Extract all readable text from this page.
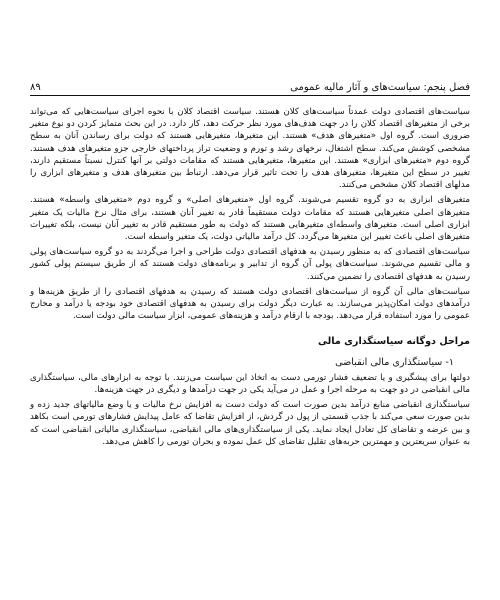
فصل پنجم: سیاست‌های و آثار مالیه عمومی
۸۹

سیاست‌های اقتصادی دولت عمدتاً سیاست‌های کلان هستند. سیاست اقتصاد کلان با نحوه اجرای سیاست‌هایی که می‌تواند برخی از متغیرهای اقتصاد کلان را در جهت هدف‌های مورد نظر حرکت دهد، کار دارد. در این بحث متمایز کردن دو نوع متغیر ضروری است. گروه اول «متغیرهای هدف» هستند. این متغیرها، متغیرهایی هستند که دولت برای رساندن آنان به سطح مشخصی کوشش می‌کند. سطح اشتغال، نرخهای رشد و تورم و وضعیت تراز پرداختهای خارجی جزو متغیرهای هدف هستند. گروه دوم «متغیرهای ابزاری» هستند. این متغیرها، متغیرهایی هستند که مقامات دولتی بر آنها کنترل نسبتاً مستقیم دارند، تغییر در سطح این متغیرها، متغیرهای هدف را تحت تاثیر قرار می‌دهد. ارتباط بین متغیرهای هدف و متغیرهای ابزاری را مدلهای اقتصاد کلان مشخص می‌کنند.

متغیرهای ابزاری به دو گروه تقسیم می‌شوند. گروه اول «متغیرهای اصلی» و گروه دوم «متغیرهای واسطه» هستند. متغیرهای اصلی متغیرهایی هستند که مقامات دولت مستقیماً قادر به تغییر آنان هستند، برای مثال نرخ مالیات یک متغیر ابزاری اصلی است. متغیرهای واسطه‌ای متغیرهایی هستند که دولت به طور مستقیم قادر به تغییر آنان نیست، بلکه تغییرات متغیرهای اصلی باعث تغییر این متغیرها می‌گردد. کل درآمد مالیاتی دولت، یک متغیر واسطه است.

سیاست‌های اقتصادی که به منظور رسیدن به هدفهای اقتصادی دولت طراحی و اجرا می‌گردند به دو گروه سیاست‌های پولی و مالی تقسیم می‌شوند. سیاست‌های پولی آن گروه از تدابیر و برنامه‌های دولت هستند که از طریق سیستم پولی کشور رسیدن به هدفهای اقتصادی را تضمین می‌کنند.

سیاست‌های مالی آن گروه از سیاست‌های اقتصادی دولت هستند که رسیدن به هدفهای اقتصادی را از طریق هزینه‌ها و درآمدهای دولت امکان‌پذیر می‌سازند. به عبارت دیگر دولت برای رسیدن به هدفهای اقتصادی خود بودجه یا درآمد و مخارج عمومی را مورد استفاده قرار می‌دهد. بودجه با ارقام درآمد و هزینه‌های عمومی، ابزار سیاست مالی دولت است.

مراحل دوگانه سیاستگذاری مالی
۱- سیاستگذاری مالی انقباضی

دولتها برای پیشگیری و یا تضعیف فشار تورمی دست به اتخاذ این سیاست می‌زنند. با توجه به ابزارهای مالی، سیاستگذاری مالی انقباضی در دو جهت به مرحله اجرا و عمل در می‌آید یکی در جهت درآمدها و دیگری در جهت هزینه‌ها.

سیاستگذاری انقباضی منابع درآمد بدین صورت است که دولت دست به افزایش نرخ مالیات و یا وضع مالیاتهای جدید زده و بدین صورت سعی می‌کند با جذب قسمتی از پول در گردش، از افزایش تقاضا که عامل پیدایش فشارهای تورمی است بکاهد و بین عرضه و تقاضای کل تعادل ایجاد نماید. یکی از سیاستگذاری‌های مالی انقباضی، سیاستگذاری مالیاتی انقباضی است که به عنوان سریعترین و مهمترین حربه‌های تقلیل تقاضای کل عمل نموده و بحران تورمی را کاهش می‌دهد.
